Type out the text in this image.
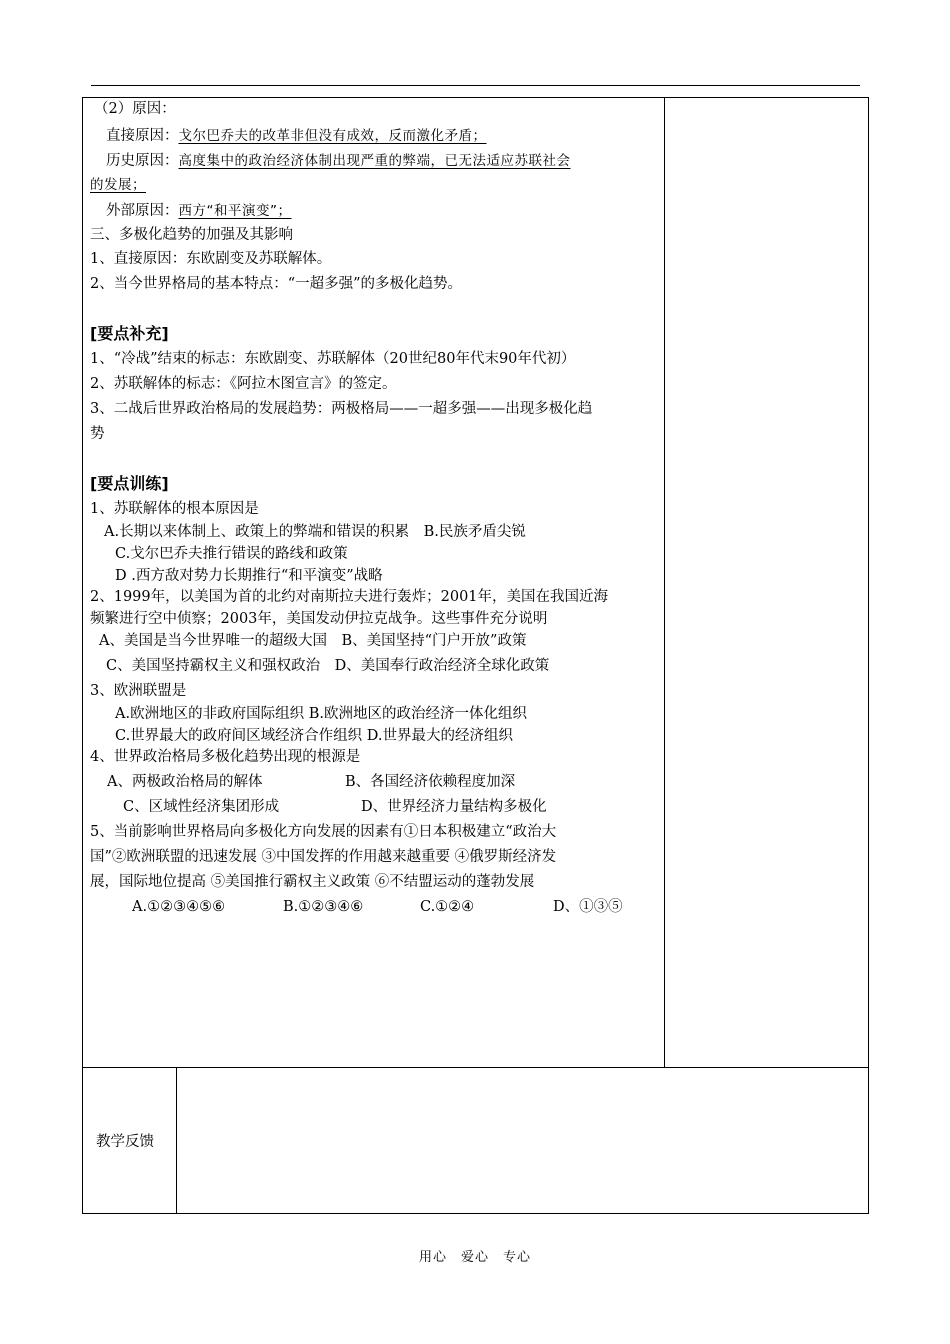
（2）原因：
直接原因：戈尔巴乔夫的改革非但没有成效，反而激化矛盾；
历史原因：高度集中的政治经济体制出现严重的弊端，已无法适应苏联社会
的发展；
外部原因：西方“和平演变”；
三、多极化趋势的加强及其影响
1、直接原因：东欧剧变及苏联解体。
2、当今世界格局的基本特点：“一超多强”的多极化趋势。
[要点补充]
1、“冷战”结束的标志：东欧剧变、苏联解体（20世纪80年代末90年代初）
2、苏联解体的标志：《阿拉木图宣言》的签定。
3、二战后世界政治格局的发展趋势：两极格局——一超多强——出现多极化趋
势
[要点训练]
1、苏联解体的根本原因是
A.长期以来体制上、政策上的弊端和错误的积累　B.民族矛盾尖锐
C.戈尔巴乔夫推行错误的路线和政策
D .西方敌对势力长期推行“和平演变”战略
2、1999年，以美国为首的北约对南斯拉夫进行轰炸；2001年，美国在我国近海
频繁进行空中侦察；2003年，美国发动伊拉克战争。这些事件充分说明
A、美国是当今世界唯一的超级大国　B、美国坚持“门户开放”政策
C、美国坚持霸权主义和强权政治　D、美国奉行政治经济全球化政策
3、欧洲联盟是
A.欧洲地区的非政府国际组织 B.欧洲地区的政治经济一体化组织
C.世界最大的政府间区域经济合作组织 D.世界最大的经济组织
4、世界政治格局多极化趋势出现的根源是
A、两极政治格局的解体	B、各国经济依赖程度加深
C、区域性经济集团形成	D、世界经济力量结构多极化
5、当前影响世界格局向多极化方向发展的因素有①日本积极建立“政治大
国”②欧洲联盟的迅速发展 ③中国发挥的作用越来越重要 ④俄罗斯经济发
展，国际地位提高 ⑤美国推行霸权主义政策 ⑥不结盟运动的蓬勃发展
A.①②③④⑤⑥	B.①②③④⑥	C.①②④	D、①③⑤
教学反馈
用心　爱心　专心
